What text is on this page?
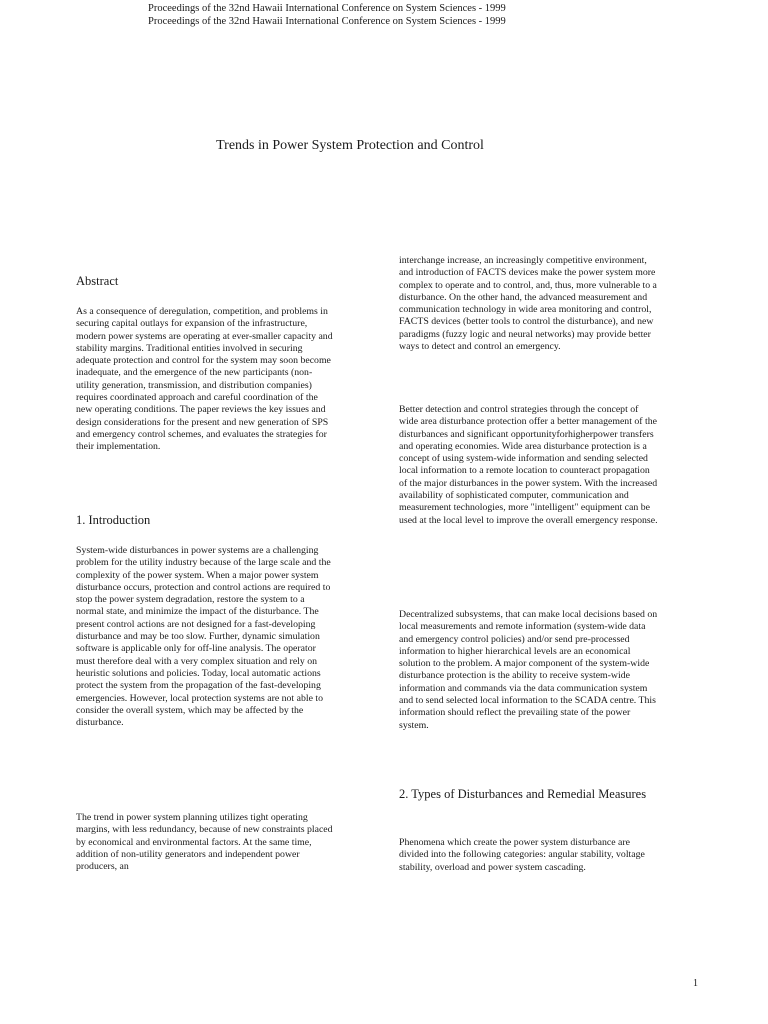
Proceedings of the 32nd Hawaii International Conference on System Sciences - 1999
Proceedings of the 32nd Hawaii International Conference on System Sciences - 1999
Trends in Power System Protection and Control
Abstract
As a consequence of deregulation, competition, and problems in securing capital outlays for expansion of the infrastructure, modern power systems are operating at ever-smaller capacity and stability margins. Traditional entities involved in securing adequate protection and control for the system may soon become inadequate, and the emergence of the new participants (non-utility generation, transmission, and distribution companies) requires coordinated approach and careful coordination of the new operating conditions. The paper reviews the key issues and design considerations for the present and new generation of SPS and emergency control schemes, and evaluates the strategies for their implementation.
1. Introduction
System-wide disturbances in power systems are a challenging problem for the utility industry because of the large scale and the complexity of the power system. When a major power system disturbance occurs, protection and control actions are required to stop the power system degradation, restore the system to a normal state, and minimize the impact of the disturbance. The present control actions are not designed for a fast-developing disturbance and may be too slow. Further, dynamic simulation software is applicable only for off-line analysis. The operator must therefore deal with a very complex situation and rely on heuristic solutions and policies. Today, local automatic actions protect the system from the propagation of the fast-developing emergencies. However, local protection systems are not able to consider the overall system, which may be affected by the disturbance.
The trend in power system planning utilizes tight operating margins, with less redundancy, because of new constraints placed by economical and environmental factors. At the same time, addition of non-utility generators and independent power producers, an
interchange increase, an increasingly competitive environment, and introduction of FACTS devices make the power system more complex to operate and to control, and, thus, more vulnerable to a disturbance. On the other hand, the advanced measurement and communication technology in wide area monitoring and control, FACTS devices (better tools to control the disturbance), and new paradigms (fuzzy logic and neural networks) may provide better ways to detect and control an emergency.
Better detection and control strategies through the concept of wide area disturbance protection offer a better management of the disturbances and significant opportunityforhigherpower transfers and operating economies. Wide area disturbance protection is a concept of using system-wide information and sending selected local information to a remote location to counteract propagation of the major disturbances in the power system. With the increased availability of sophisticated computer, communication and measurement technologies, more "intelligent" equipment can be used at the local level to improve the overall emergency response.
Decentralized subsystems, that can make local decisions based on local measurements and remote information (system-wide data and emergency control policies) and/or send pre-processed information to higher hierarchical levels are an economical solution to the problem. A major component of the system-wide disturbance protection is the ability to receive system-wide information and commands via the data communication system and to send selected local information to the SCADA centre. This information should reflect the prevailing state of the power system.
2. Types of Disturbances and Remedial Measures
Phenomena which create the power system disturbance are divided into the following categories: angular stability, voltage stability, overload and power system cascading.
1
